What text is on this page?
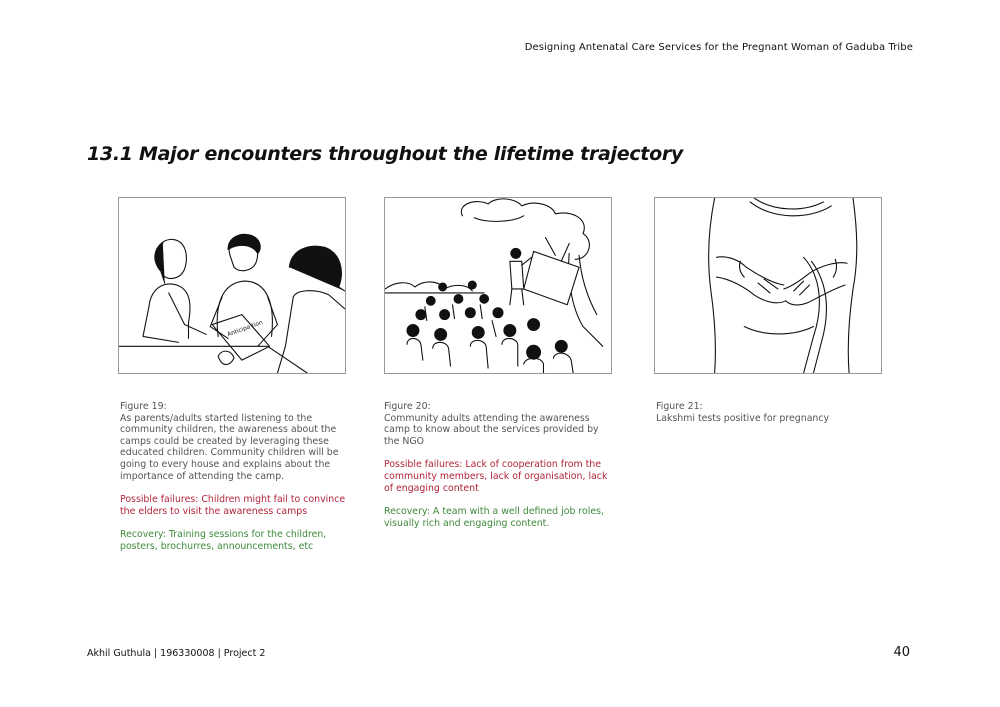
Designing Antenatal Care Services for the Pregnant Woman of Gaduba Tribe
13.1 Major encounters throughout the lifetime trajectory
Anticipa tion

Figure 19:

As parents/adults started listening to the community children, the awareness about the camps could be created by leveraging these educated children. Community children will be going to every house and explains about the importance of attending the camp.

Possible failures: Children might fail to convince the elders to visit the awareness camps

Recovery: Training sessions for the children, posters, brochurres, announcements, etc

Figure 20:

Community adults attending the awareness camp to know about the services provided by the NGO

Possible failures: Lack of cooperation from the community members, lack of organisation, lack of engaging content

Recovery: A team with a well defined job roles, visually rich and engaging content.

Figure 21:

Lakshmi tests positive for pregnancy

Akhil Guthula | 196330008 | Project 2	40
